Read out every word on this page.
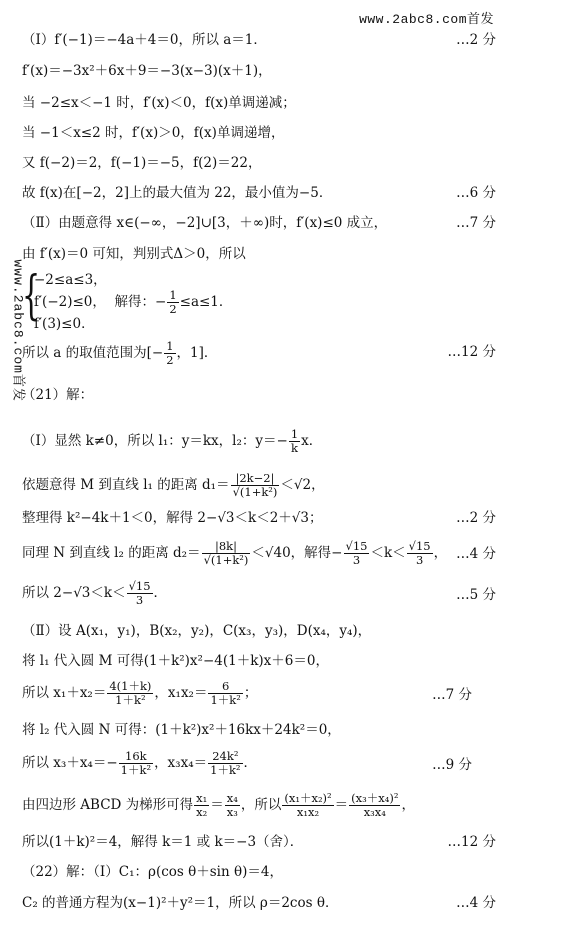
www.2abc8.com首发
www.2abc8.com首发
（Ⅰ）f′(−1)＝−4a＋4＝0，所以 a＝1．	…2 分
f′(x)＝−3x²＋6x＋9＝−3(x−3)(x＋1)，
当 −2≤x＜−1 时，f′(x)＜0，f(x)单调递减；
当 −1＜x≤2 时，f′(x)＞0，f(x)单调递增，
又 f(−2)＝2，f(−1)＝−5，f(2)＝22，
故 f(x)在[−2，2]上的最大值为 22，最小值为−5．	…6 分
（Ⅱ）由题意得 x∈(−∞，−2]∪[3，＋∞)时，f′(x)≤0 成立，	…7 分
由 f′(x)＝0 可知，判别式Δ＞0，所以
{
−2≤a≤3，
f′(−2)≤0， 解得：− $\frac{1}{2} \le a\le 1$．
f′(3)≤0．
所以 a 的取值范围为[− $\frac{1}{2}$ ，1]．	…12 分
（21）解：
（Ⅰ）显然 k≠0，所以 l₁：y＝kx，l₂：$y=- \frac{1}{k}$ x．
依题意得 M 到直线 l₁ 的距离 $d_1= \frac{|2k-2|}{\text{√(1+k²)}} <√2$，
整理得 k²−4k＋1＜0，解得 2−√3＜k＜2＋√3；	…2 分
同理 N 到直线 l₂ 的距离 $d_2= \frac{|8k|}{\text{√(1+k²)}} <√40$，解得− $\frac{√15}{3} <k< \frac{√15}{3}$ ， …4 分
所以 $2-√3<k< \frac{√15}{3}$ ．	…5 分
（Ⅱ）设 A(x₁，y₁)，B(x₂，y₂)，C(x₃，y₃)，D(x₄，y₄)，
将 l₁ 代入圆 M 可得(1＋k²)x²−4(1＋k)x＋6＝0，
所以 $x_1+x_2= \frac{4(1+k)}{\text{1＋k²}}$ ，$x_1x_2= \frac{6}{\text{1＋k²}}$ ；	…7 分
将 l₂ 代入圆 N 可得：(1＋k²)x²＋16kx＋24k²＝0，
所以 $x_3+x_4=- \frac{16k}{\text{1＋k²}}$ ，$x_3x_4= \frac{\text{24k²}}{\text{1＋k²}}$ ．	…9 分
由四边形 ABCD 为梯形可得 $\frac{\text{x₁}}{\text{x₂}} = \frac{\text{x₄}}{\text{x₃}}$ ，所以 $\frac{\text{(x₁＋x₂)²}}{\text{x₁x₂}} = \frac{\text{(x₃＋x₄)²}}{\text{x₃x₄}}$ ，
所以(1＋k)²＝4，解得 k＝1 或 k＝−3（舍）．	…12 分
（22）解：（Ⅰ）C₁：ρ(cos θ＋sin θ)＝4，
C₂ 的普通方程为(x−1)²＋y²＝1，所以 ρ＝2cos θ．	…4 分
